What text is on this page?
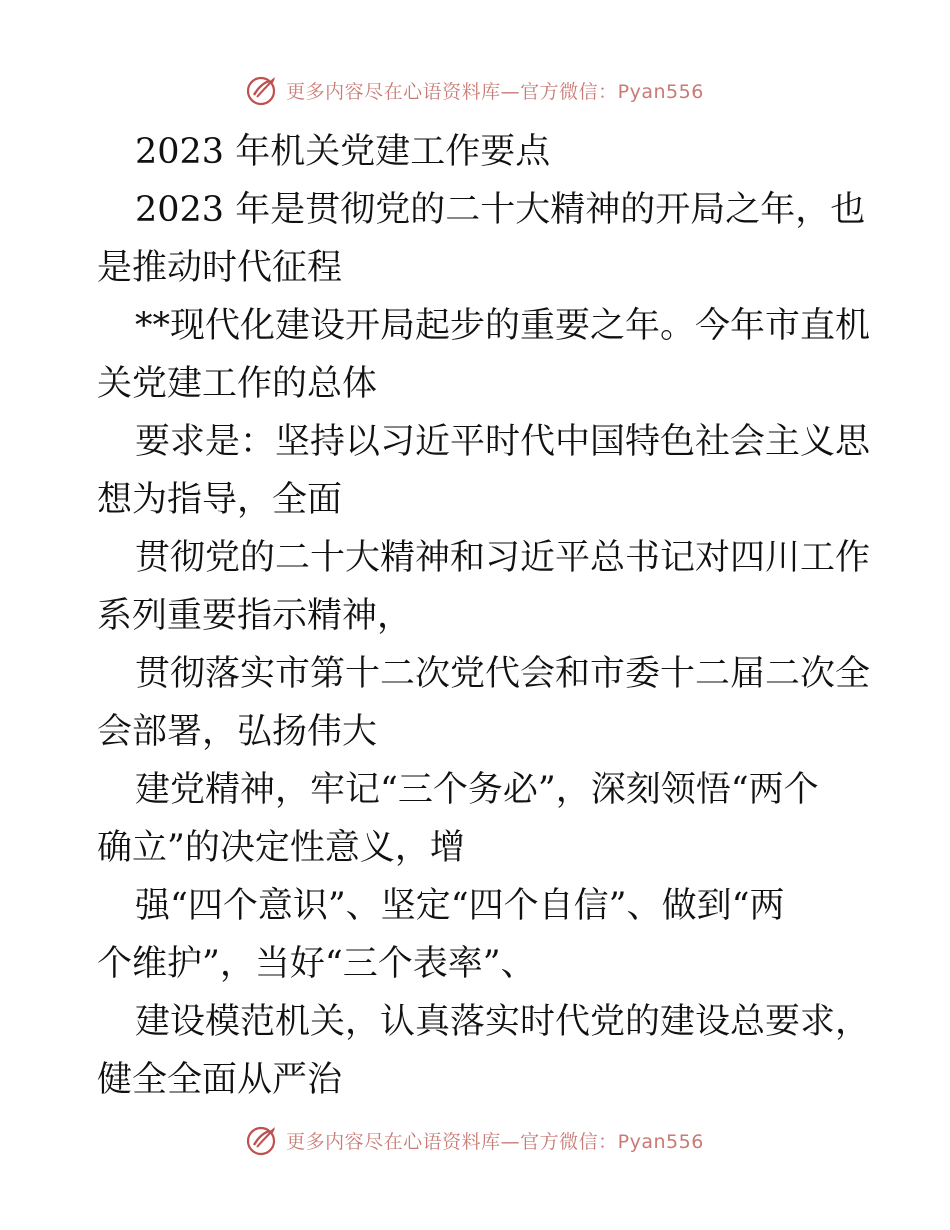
更多内容尽在心语资料库—官方微信：Pyan556

2023 年机关党建工作要点

2023 年是贯彻党的二十大精神的开局之年，也
是推动时代征程

**现代化建设开局起步的重要之年。今年市直机
关党建工作的总体

要求是：坚持以习近平时代中国特色社会主义思
想为指导，全面

贯彻党的二十大精神和习近平总书记对四川工作
系列重要指示精神，

贯彻落实市第十二次党代会和市委十二届二次全
会部署，弘扬伟大

建党精神，牢记“三个务必”，深刻领悟“两个
确立”的决定性意义，增

强“四个意识”、坚定“四个自信”、做到“两
个维护”，当好“三个表率”、

建设模范机关，认真落实时代党的建设总要求，
健全全面从严治

更多内容尽在心语资料库—官方微信：Pyan556
